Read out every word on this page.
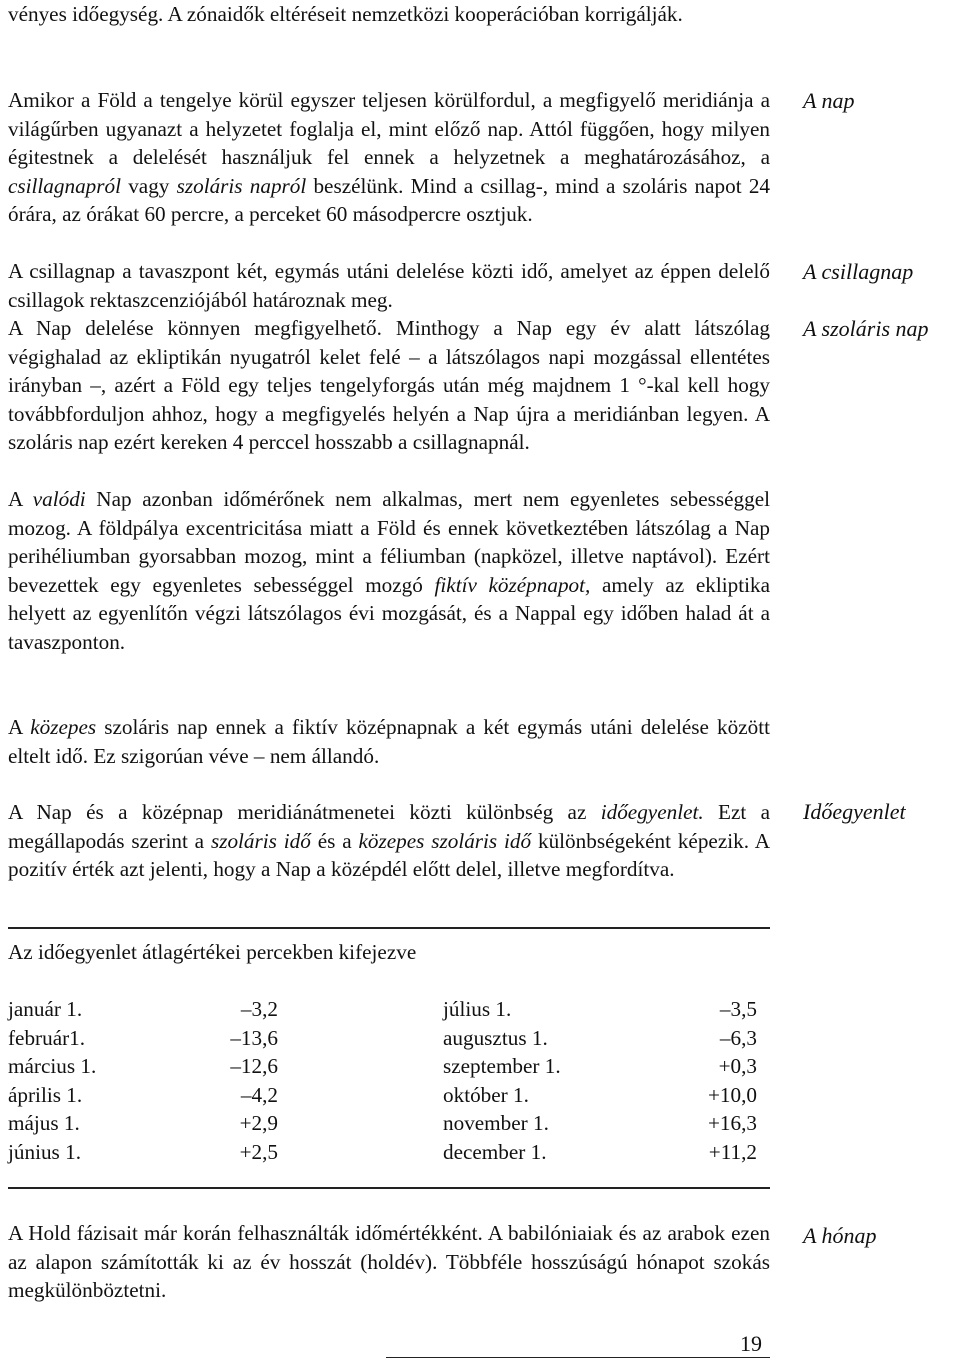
vényes időegység. A zónaidők eltéréseit nemzetközi kooperációban korrigálják.

Amikor a Föld a tengelye körül egyszer teljesen körülfordul, a megfigyelő meridiánja a világűrben ugyanazt a helyzetet foglalja el, mint előző nap. Attól függően, hogy milyen égitestnek a delelését használjuk fel ennek a helyzetnek a meghatározásához, a csillagnapról vagy szoláris napról beszélünk. Mind a csillag-, mind a szoláris napot 24 órára, az órákat 60 percre, a perceket 60 másodpercre osztjuk.

A csillagnap a tavaszpont két, egymás utáni delelése közti idő, amelyet az éppen delelő csillagok rektaszcenziójából határoznak meg.

A Nap delelése könnyen megfigyelhető. Minthogy a Nap egy év alatt látszólag végighalad az ekliptikán nyugatról kelet felé – a látszólagos napi mozgással ellentétes irányban –, azért a Föld egy teljes tengelyforgás után még majdnem 1 °-kal kell hogy továbbforduljon ahhoz, hogy a megfigyelés helyén a Nap újra a meridiánban legyen. A szoláris nap ezért kereken 4 perccel hosszabb a csillagnapnál.

A valódi Nap azonban időmérőnek nem alkalmas, mert nem egyenletes sebességgel mozog. A földpálya excentricitása miatt a Föld és ennek következtében látszólag a Nap perihéliumban gyorsabban mozog, mint a féliumban (napközel, illetve naptávol). Ezért bevezettek egy egyenletes sebességgel mozgó fiktív középnapot, amely az ekliptika helyett az egyenlítőn végzi látszólagos évi mozgását, és a Nappal egy időben halad át a tavaszponton.

A közepes szoláris nap ennek a fiktív középnapnak a két egymás utáni delelése között eltelt idő. Ez szigorúan véve – nem állandó.

A Nap és a középnap meridiánátmenetei közti különbség az időegyenlet. Ezt a megállapodás szerint a szoláris idő és a közepes szoláris idő különbségeként képezik. A pozitív érték azt jelenti, hogy a Nap a középdél előtt delel, illetve megfordítva.

Az időegyenlet átlagértékei percekben kifejezve

január 1.	–3,2
február1.	–13,6
március 1.	–12,6
április 1.	–4,2
május 1.	+2,9
június 1.	+2,5
július 1.	–3,5
augusztus 1.	–6,3
szeptember 1.	+0,3
október 1.	+10,0
november 1.	+16,3
december 1.	+11,2

A Hold fázisait már korán felhasználták időmértékként. A babilóniaiak és az arabok ezen az alapon számították ki az év hosszát (holdév). Többféle hosszúságú hónapot szokás megkülönböztetni.

A nap
A csillagnap
A szoláris nap
Időegyenlet
A hónap
19
